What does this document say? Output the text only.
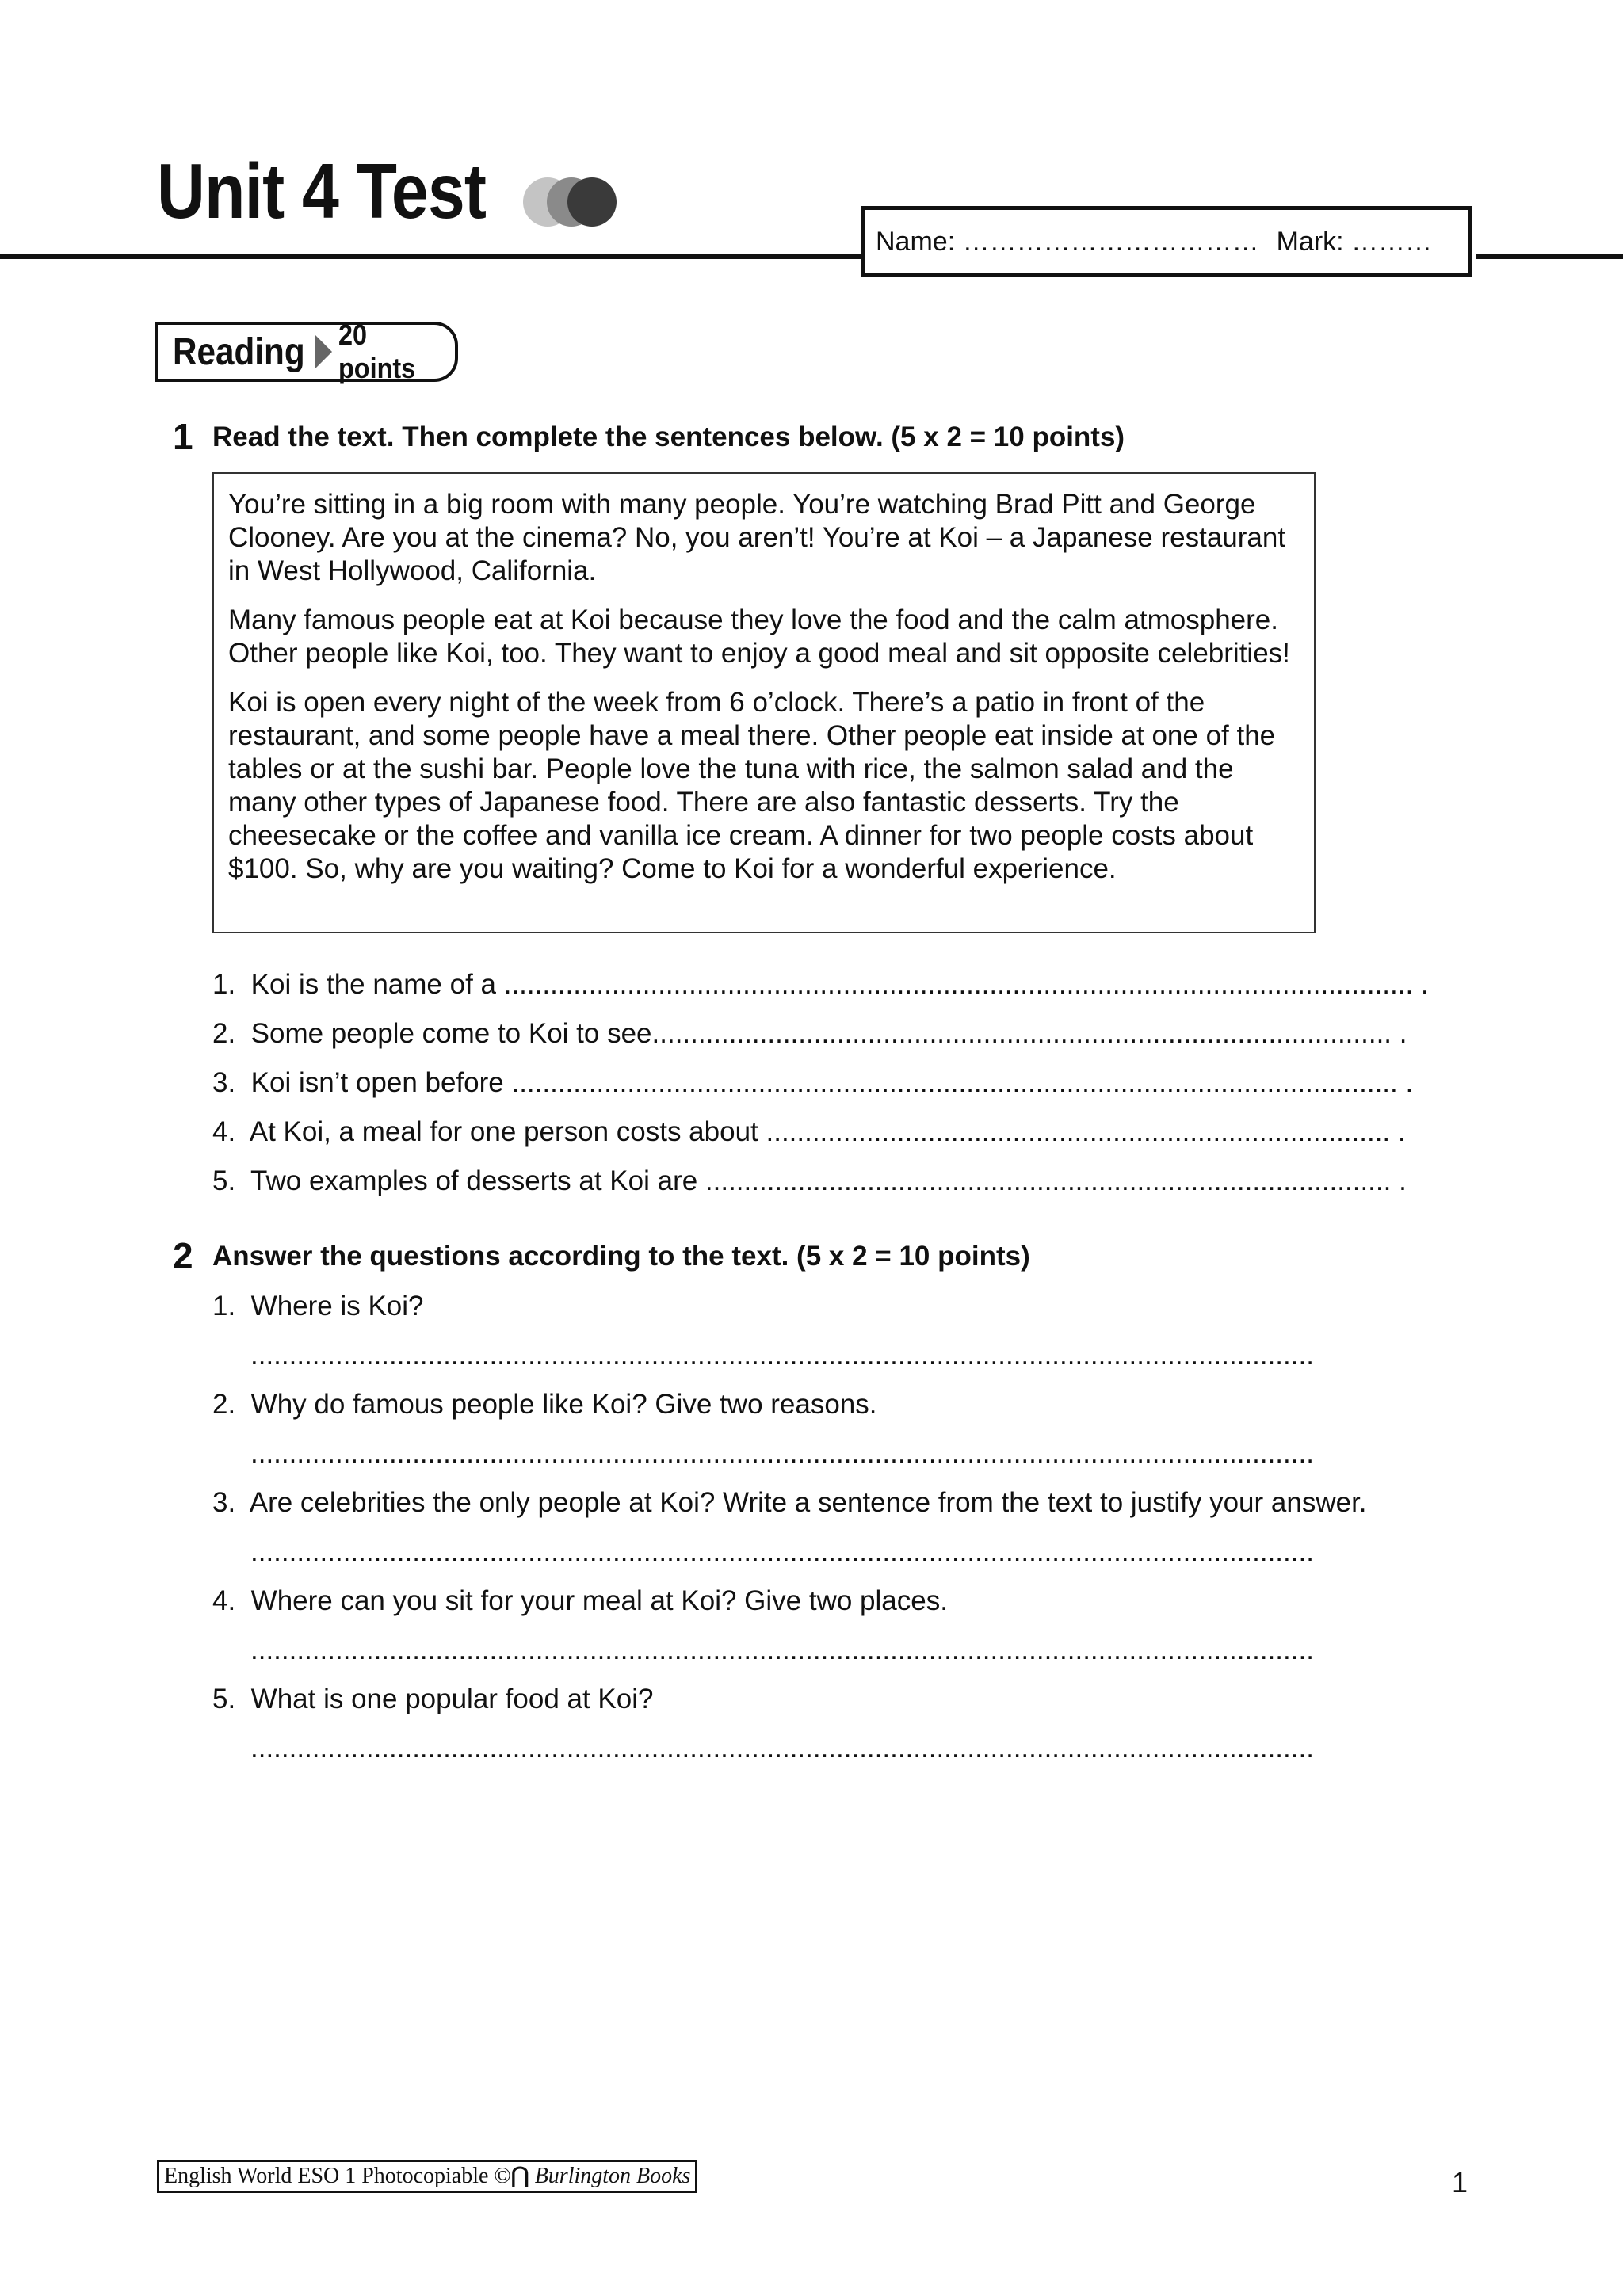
Unit 4 Test
Name: …………………………… Mark: ………
Reading 20 points
1 Read the text. Then complete the sentences below. (5 x 2 = 10 points)

You’re sitting in a big room with many people. You’re watching Brad Pitt and George Clooney. Are you at the cinema? No, you aren’t! You’re at Koi – a Japanese restaurant in West Hollywood, California.

Many famous people eat at Koi because they love the food and the calm atmosphere. Other people like Koi, too. They want to enjoy a good meal and sit opposite celebrities!

Koi is open every night of the week from 6 o’clock. There’s a patio in front of the restaurant, and some people have a meal there. Other people eat inside at one of the tables or at the sushi bar. People love the tuna with rice, the salmon salad and the many other types of Japanese food. There are also fantastic desserts. Try the cheesecake or the coffee and vanilla ice cream. A dinner for two people costs about $100. So, why are you waiting? Come to Koi for a wonderful experience.

1. Koi is the name of a ...................................................................................................................... .
2. Some people come to Koi to see................................................................................................ .
3. Koi isn’t open before ................................................................................................................... .
4. At Koi, a meal for one person costs about ................................................................................. .
5. Two examples of desserts at Koi are ......................................................................................... .
2 Answer the questions according to the text. (5 x 2 = 10 points)
1. Where is Koi?
..........................................................................................................................................
2. Why do famous people like Koi? Give two reasons.
..........................................................................................................................................
3. Are celebrities the only people at Koi? Write a sentence from the text to justify your answer.
..........................................................................................................................................
4. Where can you sit for your meal at Koi? Give two places.
..........................................................................................................................................
5. What is one popular food at Koi?
..........................................................................................................................................
English World ESO 1 Photocopiable ©⋂ Burlington Books	1
